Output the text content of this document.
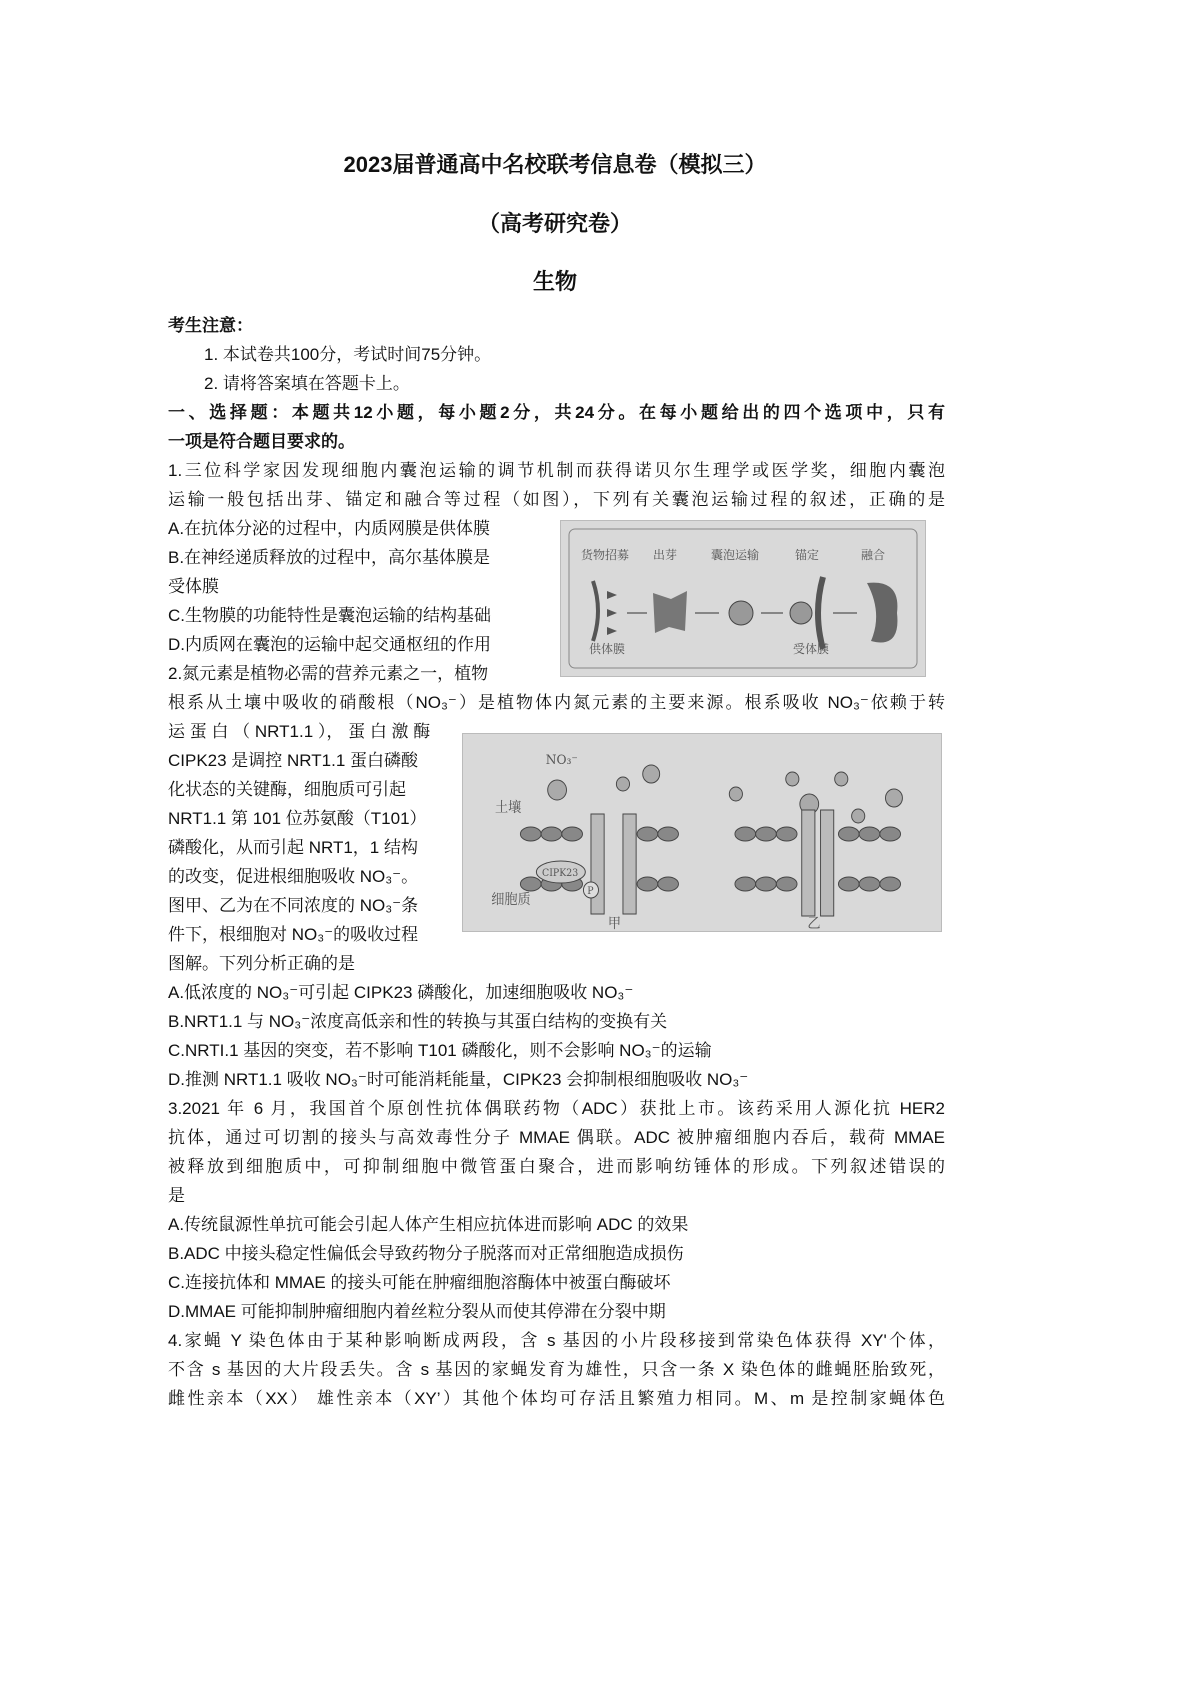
2023届普通高中名校联考信息卷（模拟三）
（高考研究卷）
生物
考生注意：
1. 本试卷共100分，考试时间75分钟。
2. 请将答案填在答题卡上。
一、选择题：本题共12小题，每小题2分，共24分。在每小题给出的四个选项中，只有
一项是符合题目要求的。
1.三位科学家因发现细胞内囊泡运输的调节机制而获得诺贝尔生理学或医学奖，细胞内囊泡
运输一般包括出芽、锚定和融合等过程（如图），下列有关囊泡运输过程的叙述，正确的是
A.在抗体分泌的过程中，内质网膜是供体膜
B.在神经递质释放的过程中，高尔基体膜是
受体膜
C.生物膜的功能特性是囊泡运输的结构基础
D.内质网在囊泡的运输中起交通枢纽的作用
2.氮元素是植物必需的营养元素之一，植物
根系从土壤中吸收的硝酸根（NO₃⁻）是植物体内氮元素的主要来源。根系吸收 NO₃⁻依赖于转
运 蛋 白 （ NRT1.1 ）， 蛋 白 激 酶
CIPK23 是调控 NRT1.1 蛋白磷酸
化状态的关键酶，细胞质可引起
NRT1.1 第 101 位苏氨酸（T101）
磷酸化，从而引起 NRT1，1 结构
的改变，促进根细胞吸收 NO₃⁻。
图甲、乙为在不同浓度的 NO₃⁻条
件下，根细胞对 NO₃⁻的吸收过程
图解。下列分析正确的是
A.低浓度的 NO₃⁻可引起 CIPK23 磷酸化，加速细胞吸收 NO₃⁻
B.NRT1.1 与 NO₃⁻浓度高低亲和性的转换与其蛋白结构的变换有关
C.NRTI.1 基因的突变，若不影响 T101 磷酸化，则不会影响 NO₃⁻的运输
D.推测 NRT1.1 吸收 NO₃⁻时可能消耗能量，CIPK23 会抑制根细胞吸收 NO₃⁻
3.2021 年 6 月，我国首个原创性抗体偶联药物（ADC）获批上市。该药采用人源化抗 HER2
抗体，通过可切割的接头与高效毒性分子 MMAE 偶联。ADC 被肿瘤细胞内吞后，载荷 MMAE
被释放到细胞质中，可抑制细胞中微管蛋白聚合，进而影响纺锤体的形成。下列叙述错误的
是
A.传统鼠源性单抗可能会引起人体产生相应抗体进而影响 ADC 的效果
B.ADC 中接头稳定性偏低会导致药物分子脱落而对正常细胞造成损伤
C.连接抗体和 MMAE 的接头可能在肿瘤细胞溶酶体中被蛋白酶破坏
D.MMAE 可能抑制肿瘤细胞内着丝粒分裂从而使其停滞在分裂中期
4.家蝇 Y 染色体由于某种影响断成两段，含 s 基因的小片段移接到常染色体获得 XY'个体，
不含 s 基因的大片段丢失。含 s 基因的家蝇发育为雄性，只含一条 X 染色体的雌蝇胚胎致死，
雌性亲本（XX） 雄性亲本（XY’）其他个体均可存活且繁殖力相同。M、m 是控制家蝇体色
货物招募 出芽	囊泡运输	锚定	融合
供体膜	受体膜
NO₃⁻
土壤
CIPK23
P
细胞质
甲	乙
